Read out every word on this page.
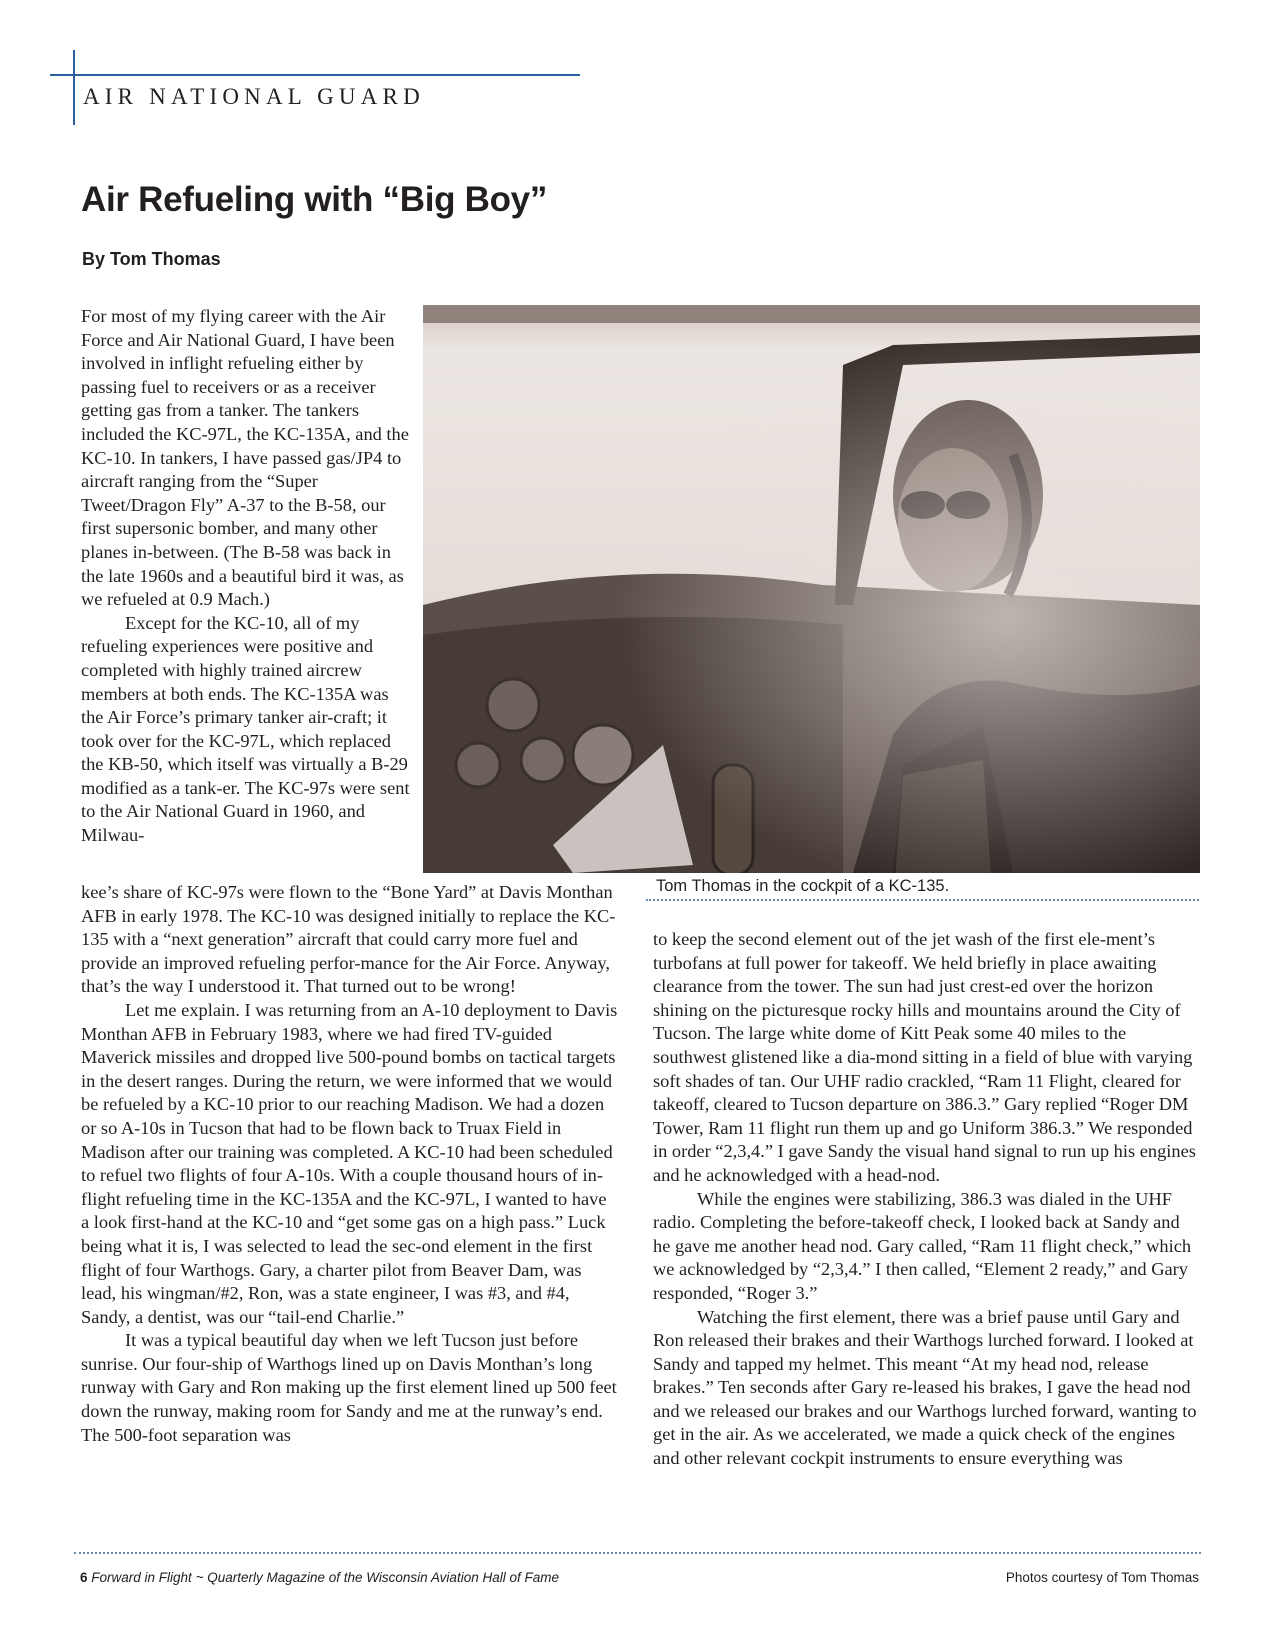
AIR NATIONAL GUARD
Air Refueling with “Big Boy”
By Tom Thomas

For most of my flying career with the Air Force and Air National Guard, I have been involved in inflight refueling either by passing fuel to receivers or as a receiver getting gas from a tanker. The tankers included the KC-97L, the KC-135A, and the KC-10. In tankers, I have passed gas/JP4 to aircraft ranging from the “Super Tweet/Dragon Fly” A-37 to the B-58, our first supersonic bomber, and many other planes in-between. (The B-58 was back in the late 1960s and a beautiful bird it was, as we refueled at 0.9 Mach.)

Except for the KC-10, all of my refueling experiences were positive and completed with highly trained aircrew members at both ends. The KC-135A was the Air Force’s primary tanker air-craft; it took over for the KC-97L, which replaced the KB-50, which itself was virtually a B-29 modified as a tank-er. The KC-97s were sent to the Air National Guard in 1960, and Milwau-

Tom Thomas in the cockpit of a KC-135.

kee’s share of KC-97s were flown to the “Bone Yard” at Davis Monthan AFB in early 1978. The KC-10 was designed initially to replace the KC-135 with a “next generation” aircraft that could carry more fuel and provide an improved refueling perfor-mance for the Air Force. Anyway, that’s the way I understood it. That turned out to be wrong!

Let me explain. I was returning from an A-10 deployment to Davis Monthan AFB in February 1983, where we had fired TV-guided Maverick missiles and dropped live 500-pound bombs on tactical targets in the desert ranges. During the return, we were informed that we would be refueled by a KC-10 prior to our reaching Madison. We had a dozen or so A-10s in Tucson that had to be flown back to Truax Field in Madison after our training was completed. A KC-10 had been scheduled to refuel two flights of four A-10s. With a couple thousand hours of in-flight refueling time in the KC-135A and the KC-97L, I wanted to have a look first-hand at the KC-10 and “get some gas on a high pass.” Luck being what it is, I was selected to lead the sec-ond element in the first flight of four Warthogs. Gary, a charter pilot from Beaver Dam, was lead, his wingman/#2, Ron, was a state engineer, I was #3, and #4, Sandy, a dentist, was our “tail-end Charlie.”

It was a typical beautiful day when we left Tucson just before sunrise. Our four-ship of Warthogs lined up on Davis Monthan’s long runway with Gary and Ron making up the first element lined up 500 feet down the runway, making room for Sandy and me at the runway’s end. The 500-foot separation was

to keep the second element out of the jet wash of the first ele-ment’s turbofans at full power for takeoff. We held briefly in place awaiting clearance from the tower. The sun had just crest-ed over the horizon shining on the picturesque rocky hills and mountains around the City of Tucson. The large white dome of Kitt Peak some 40 miles to the southwest glistened like a dia-mond sitting in a field of blue with varying soft shades of tan. Our UHF radio crackled, “Ram 11 Flight, cleared for takeoff, cleared to Tucson departure on 386.3.” Gary replied “Roger DM Tower, Ram 11 flight run them up and go Uniform 386.3.” We responded in order “2,3,4.” I gave Sandy the visual hand signal to run up his engines and he acknowledged with a head-nod.

While the engines were stabilizing, 386.3 was dialed in the UHF radio. Completing the before-takeoff check, I looked back at Sandy and he gave me another head nod. Gary called, “Ram 11 flight check,” which we acknowledged by “2,3,4.” I then called, “Element 2 ready,” and Gary responded, “Roger 3.”

Watching the first element, there was a brief pause until Gary and Ron released their brakes and their Warthogs lurched forward. I looked at Sandy and tapped my helmet. This meant “At my head nod, release brakes.” Ten seconds after Gary re-leased his brakes, I gave the head nod and we released our brakes and our Warthogs lurched forward, wanting to get in the air. As we accelerated, we made a quick check of the engines and other relevant cockpit instruments to ensure everything was

6 Forward in Flight ~ Quarterly Magazine of the Wisconsin Aviation Hall of Fame	Photos courtesy of Tom Thomas
